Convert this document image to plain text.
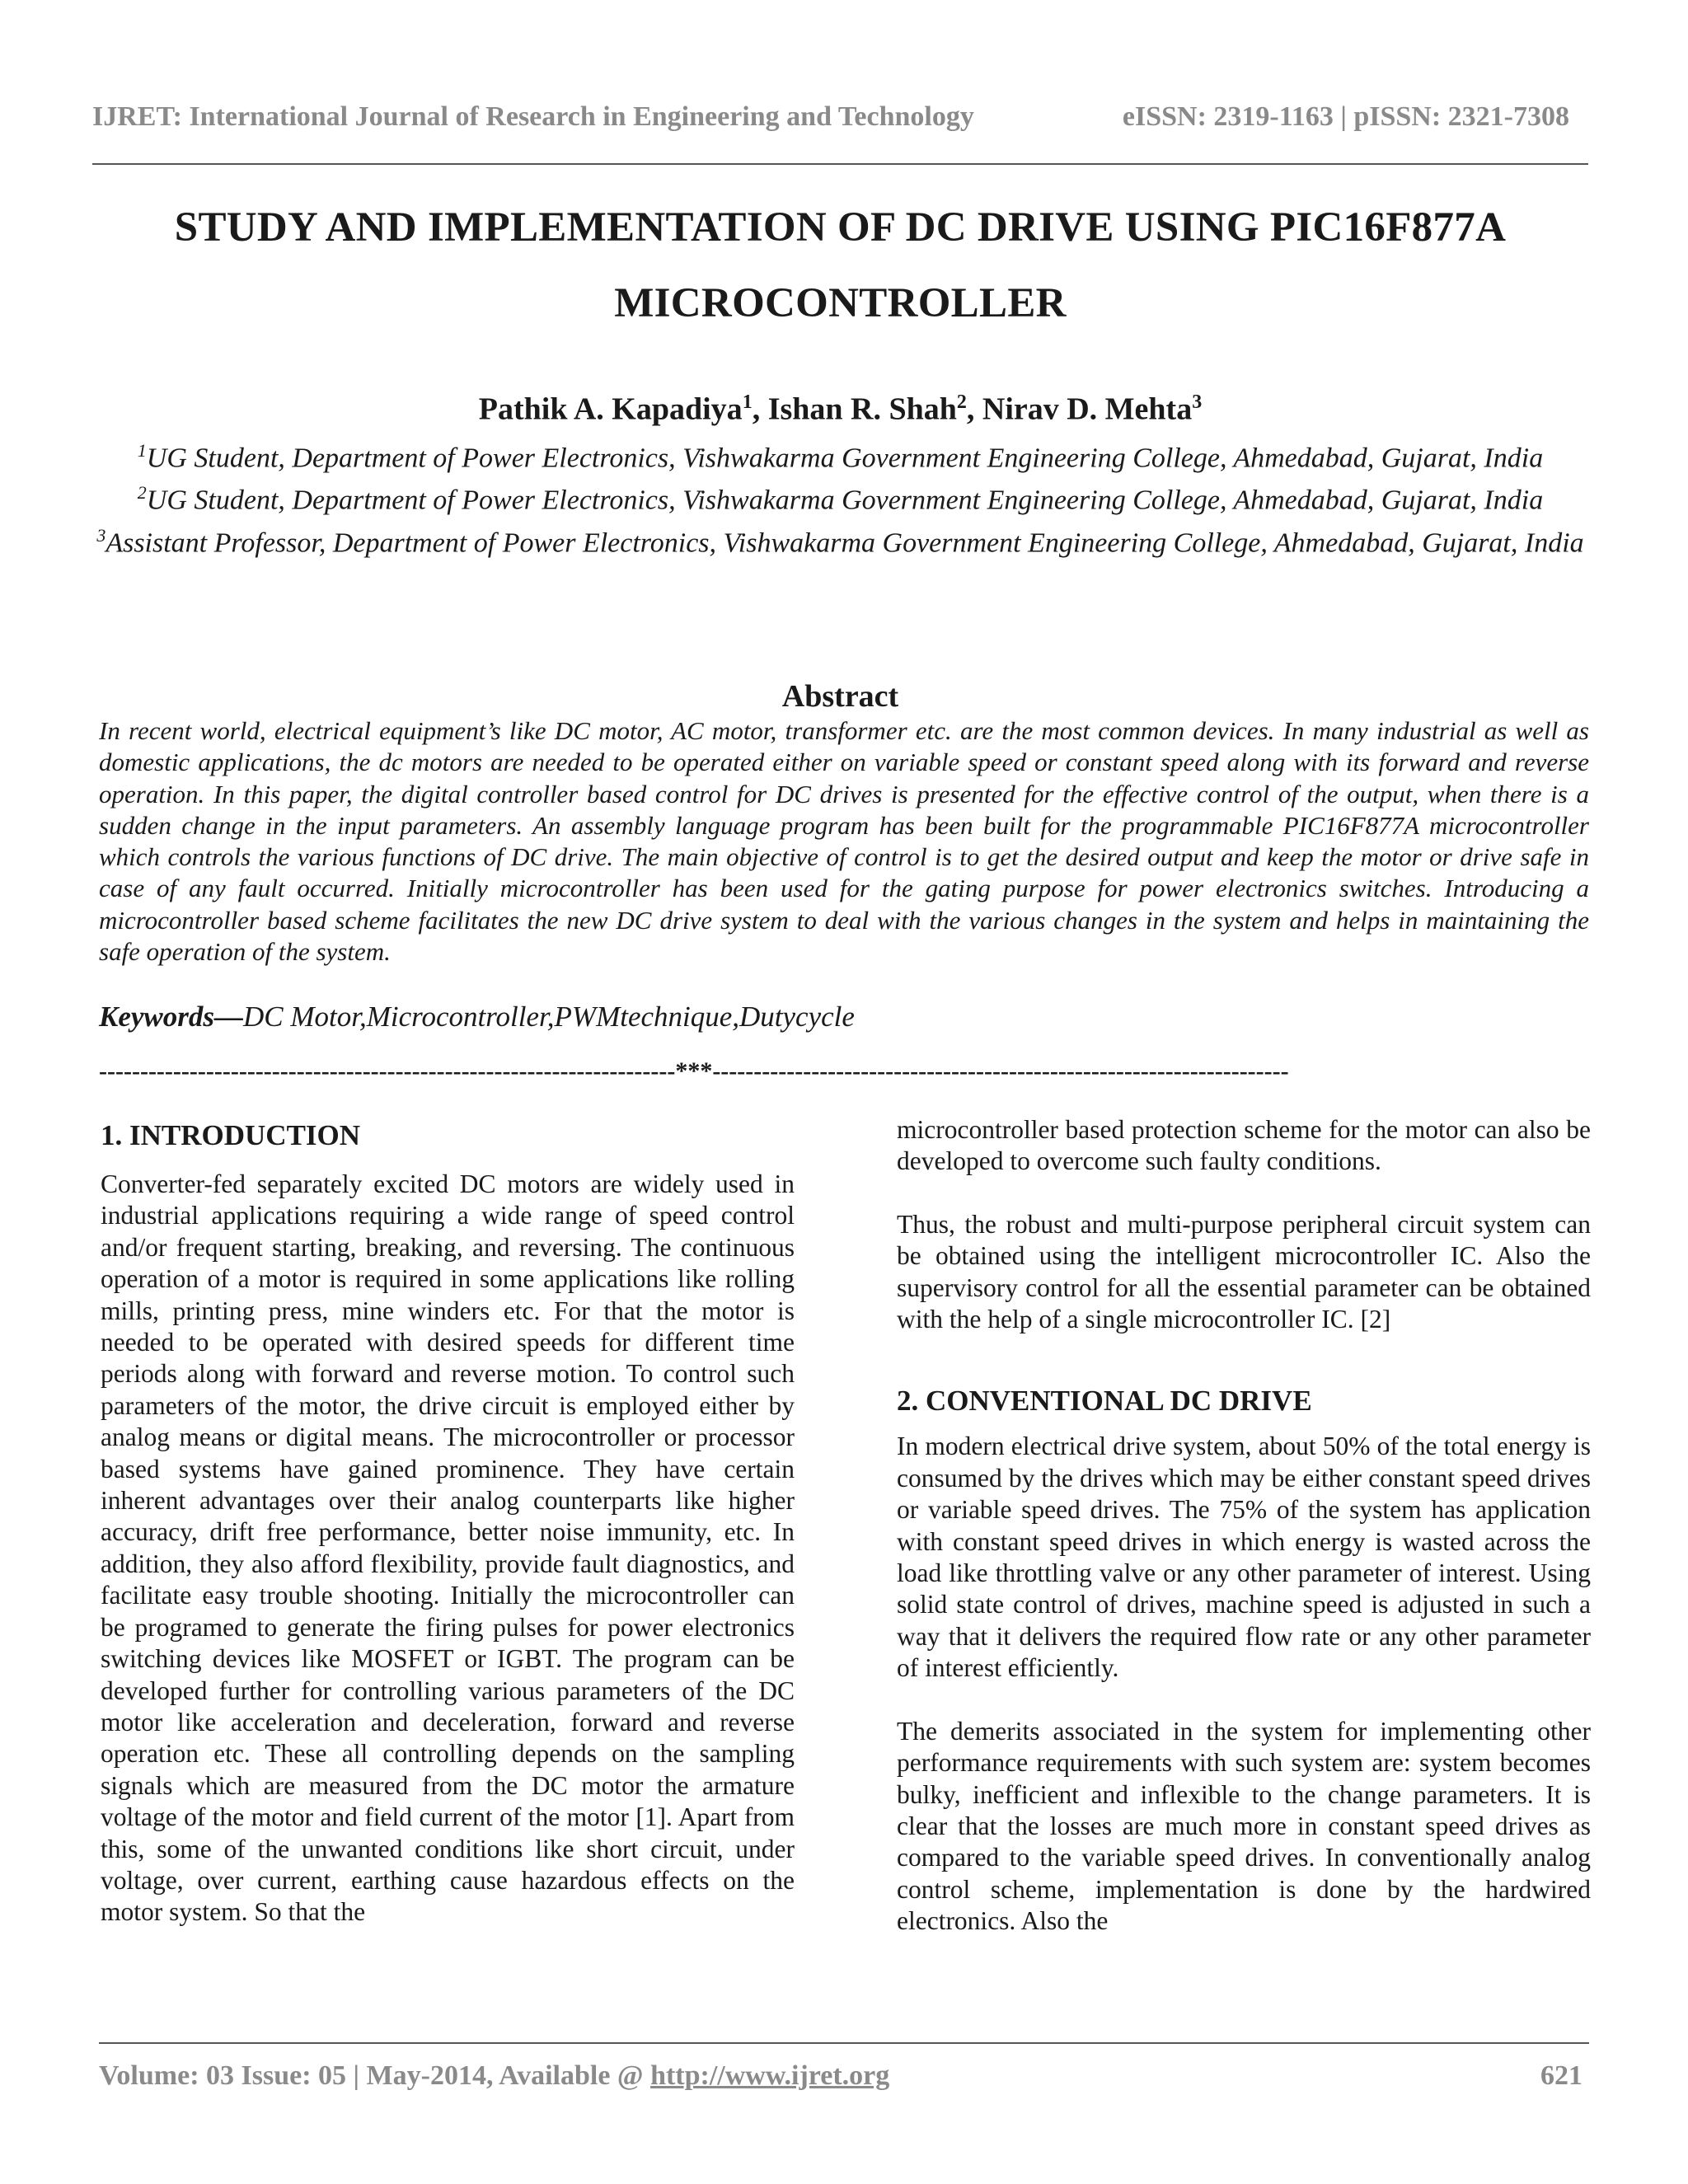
IJRET: International Journal of Research in Engineering and Technology	eISSN: 2319-1163 | pISSN: 2321-7308
STUDY AND IMPLEMENTATION OF DC DRIVE USING PIC16F877A
MICROCONTROLLER
Pathik A. Kapadiya$^1$, Ishan R. Shah$^2$, Nirav D. Mehta$^3$

$^1$UG Student, Department of Power Electronics, Vishwakarma Government Engineering College, Ahmedabad, Gujarat, India

$^2$UG Student, Department of Power Electronics, Vishwakarma Government Engineering College, Ahmedabad, Gujarat, India

$^3$Assistant Professor, Department of Power Electronics, Vishwakarma Government Engineering College, Ahmedabad, Gujarat, India

Abstract

In recent world, electrical equipment’s like DC motor, AC motor, transformer etc. are the most common devices. In many industrial as well as domestic applications, the dc motors are needed to be operated either on variable speed or constant speed along with its forward and reverse operation. In this paper, the digital controller based control for DC drives is presented for the effective control of the output, when there is a sudden change in the input parameters. An assembly language program has been built for the programmable PIC16F877A microcontroller which controls the various functions of DC drive. The main objective of control is to get the desired output and keep the motor or drive safe in case of any fault occurred. Initially microcontroller has been used for the gating purpose for power electronics switches. Introducing a microcontroller based scheme facilitates the new DC drive system to deal with the various changes in the system and helps in maintaining the safe operation of the system.

Keywords—DC Motor,Microcontroller,PWMtechnique,Dutycycle
----------------------------------------------------------------------***----------------------------------------------------------------------
1. INTRODUCTION

Converter-fed separately excited DC motors are widely used in industrial applications requiring a wide range of speed control and/or frequent starting, breaking, and reversing. The continuous operation of a motor is required in some applications like rolling mills, printing press, mine winders etc. For that the motor is needed to be operated with desired speeds for different time periods along with forward and reverse motion. To control such parameters of the motor, the drive circuit is employed either by analog means or digital means. The microcontroller or processor based systems have gained prominence. They have certain inherent advantages over their analog counterparts like higher accuracy, drift free performance, better noise immunity, etc. In addition, they also afford flexibility, provide fault diagnostics, and facilitate easy trouble shooting. Initially the microcontroller can be programed to generate the firing pulses for power electronics switching devices like MOSFET or IGBT. The program can be developed further for controlling various parameters of the DC motor like acceleration and deceleration, forward and reverse operation etc. These all controlling depends on the sampling signals which are measured from the DC motor the armature voltage of the motor and field current of the motor [1]. Apart from this, some of the unwanted conditions like short circuit, under voltage, over current, earthing cause hazardous effects on the motor system. So that the

microcontroller based protection scheme for the motor can also be developed to overcome such faulty conditions.

Thus, the robust and multi-purpose peripheral circuit system can be obtained using the intelligent microcontroller IC. Also the supervisory control for all the essential parameter can be obtained with the help of a single microcontroller IC. [2]

2. CONVENTIONAL DC DRIVE

In modern electrical drive system, about 50% of the total energy is consumed by the drives which may be either constant speed drives or variable speed drives. The 75% of the system has application with constant speed drives in which energy is wasted across the load like throttling valve or any other parameter of interest. Using solid state control of drives, machine speed is adjusted in such a way that it delivers the required flow rate or any other parameter of interest efficiently.

The demerits associated in the system for implementing other performance requirements with such system are: system becomes bulky, inefficient and inflexible to the change parameters. It is clear that the losses are much more in constant speed drives as compared to the variable speed drives. In conventionally analog control scheme, implementation is done by the hardwired electronics. Also the

Volume: 03 Issue: 05 | May-2014, Available @ http://www.ijret.org	621
